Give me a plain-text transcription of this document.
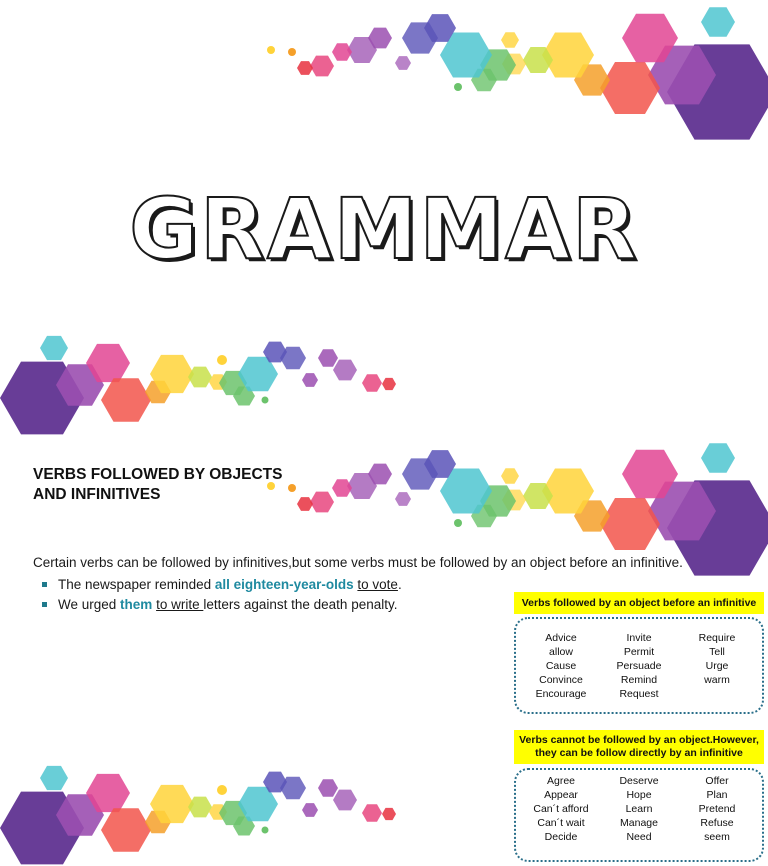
GRAMMAR
VERBS FOLLOWED BY OBJECTS AND INFINITIVES
Certain verbs can be followed by infinitives,but some verbs must be followed by an object before an infinitive.
The newspaper reminded all eighteen-year-olds to vote.
We urged them to write letters against the death penalty.	Verbs followed by an object before an infinitive
Advice
allow
Cause
Convince
Encourage
Invite
Permit
Persuade
Remind
Request
Require
Tell
Urge
warm
Verbs cannot be followed by an object.However,
they can be follow directly by an infinitive
Agree
Appear
Can´t afford
Can´t wait
Decide
Deserve
Hope
Learn
Manage
Need
Offer
Plan
Pretend
Refuse
seem
